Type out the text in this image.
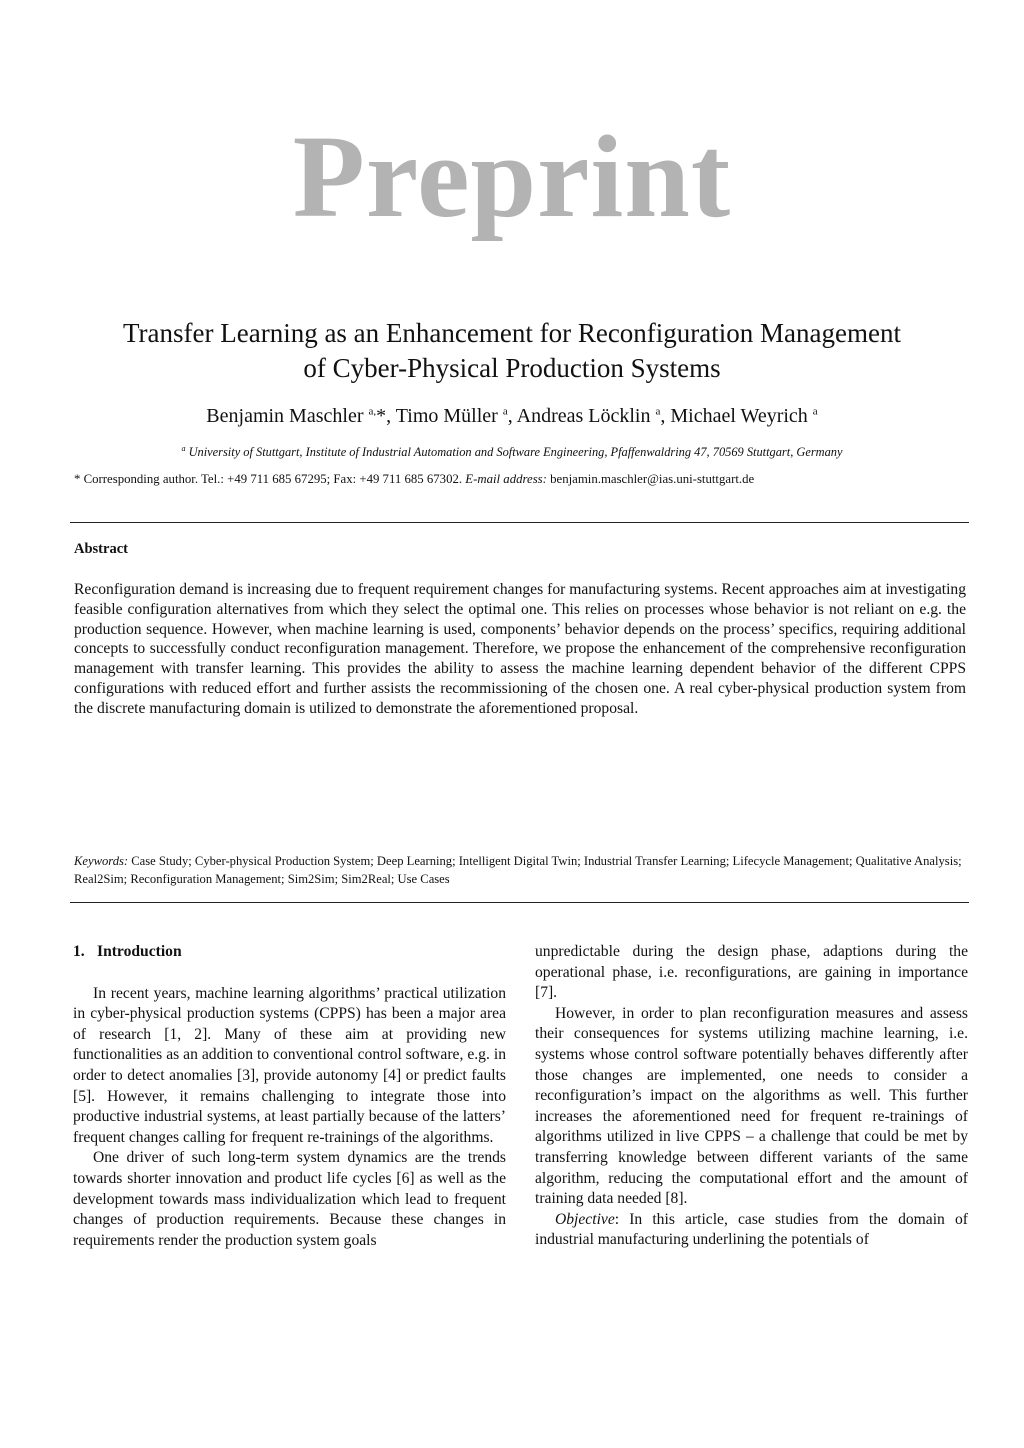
Preprint
Transfer Learning as an Enhancement for Reconfiguration Management
of Cyber-Physical Production Systems
Benjamin Maschler $^{a,}$*, Timo Müller $^a$, Andreas Löcklin $^a$, Michael Weyrich $^a$
$^a$ University of Stuttgart, Institute of Industrial Automation and Software Engineering, Pfaffenwaldring 47, 70569 Stuttgart, Germany
* Corresponding author. Tel.: +49 711 685 67295; Fax: +49 711 685 67302. E-mail address: benjamin.maschler@ias.uni-stuttgart.de
Abstract
Reconfiguration demand is increasing due to frequent requirement changes for manufacturing systems. Recent approaches aim at investigating feasible configuration alternatives from which they select the optimal one. This relies on processes whose behavior is not reliant on e.g. the production sequence. However, when machine learning is used, components’ behavior depends on the process’ specifics, requiring additional concepts to successfully conduct reconfiguration management. Therefore, we propose the enhancement of the comprehensive reconfiguration management with transfer learning. This provides the ability to assess the machine learning dependent behavior of the different CPPS configurations with reduced effort and further assists the recommissioning of the chosen one. A real cyber-physical production system from the discrete manufacturing domain is utilized to demonstrate the aforementioned proposal.
Keywords: Case Study; Cyber-physical Production System; Deep Learning; Intelligent Digital Twin; Industrial Transfer Learning; Lifecycle Management; Qualitative Analysis; Real2Sim; Reconfiguration Management; Sim2Sim; Sim2Real; Use Cases
1. Introduction

In recent years, machine learning algorithms’ practical utilization in cyber-physical production systems (CPPS) has been a major area of research [1, 2]. Many of these aim at providing new functionalities as an addition to conventional control software, e.g. in order to detect anomalies [3], provide autonomy [4] or predict faults [5]. However, it remains challenging to integrate those into productive industrial systems, at least partially because of the latters’ frequent changes calling for frequent re-trainings of the algorithms.

One driver of such long-term system dynamics are the trends towards shorter innovation and product life cycles [6] as well as the development towards mass individualization which lead to frequent changes of production requirements. Because these changes in requirements render the production system goals

unpredictable during the design phase, adaptions during the operational phase, i.e. reconfigurations, are gaining in importance [7].

However, in order to plan reconfiguration measures and assess their consequences for systems utilizing machine learning, i.e. systems whose control software potentially behaves differently after those changes are implemented, one needs to consider a reconfiguration’s impact on the algorithms as well. This further increases the aforementioned need for frequent re-trainings of algorithms utilized in live CPPS – a challenge that could be met by transferring knowledge between different variants of the same algorithm, reducing the computational effort and the amount of training data needed [8].

Objective: In this article, case studies from the domain of industrial manufacturing underlining the potentials of
